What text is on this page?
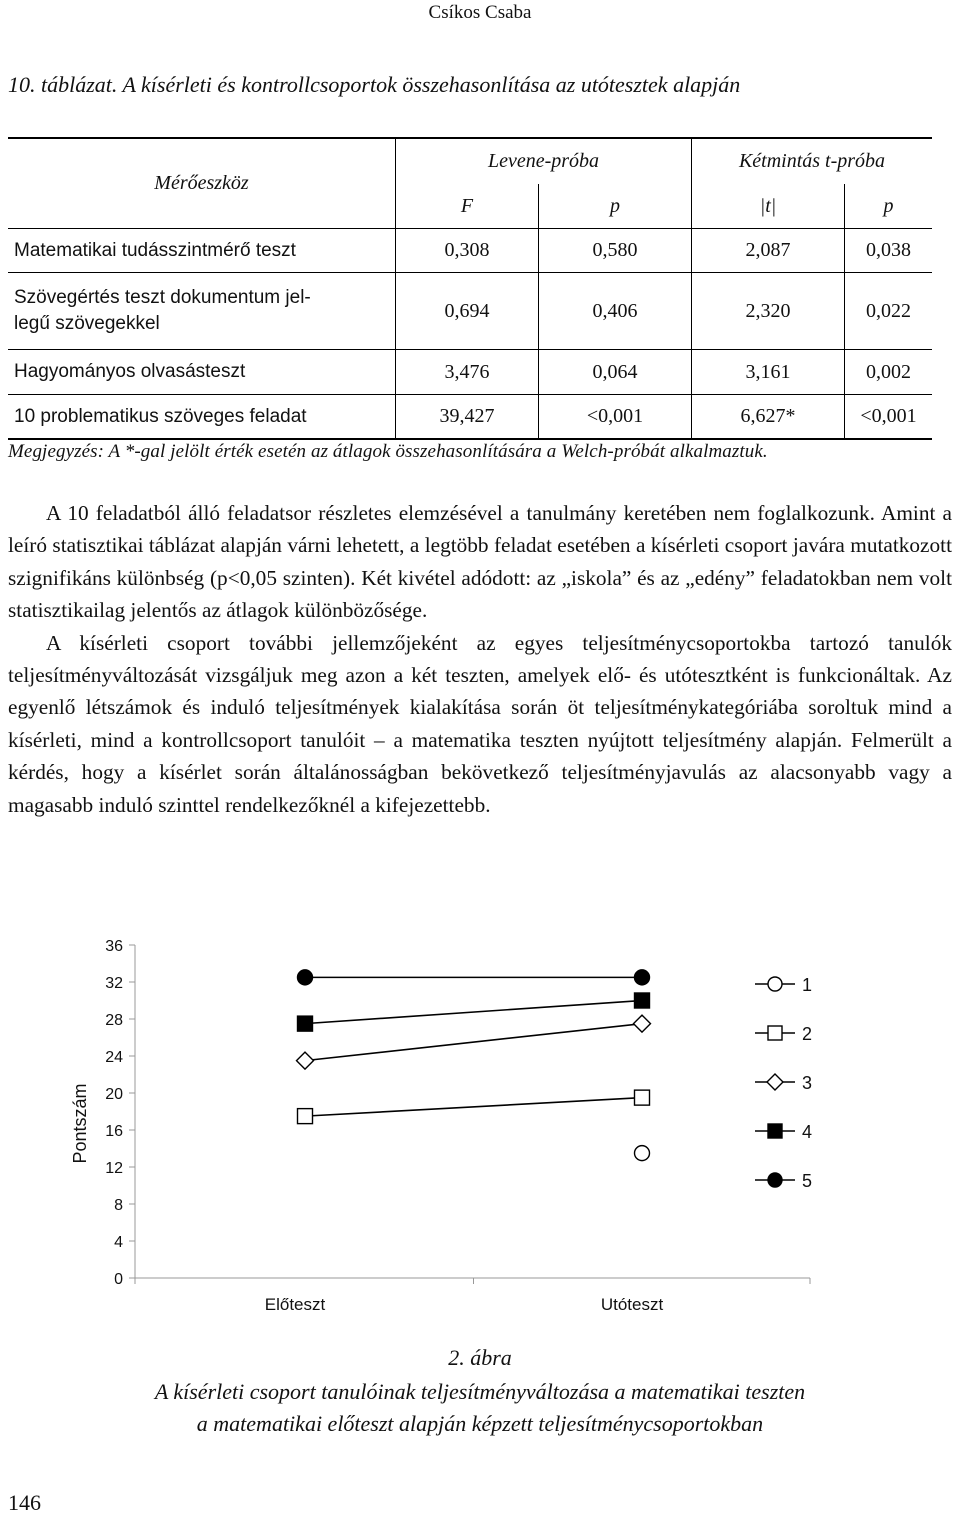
Csíkos Csaba
10. táblázat. A kísérleti és kontrollcsoportok összehasonlítása az utótesztek alapján
Mérőeszköz	Levene-próba		Kétmintás t-próba	
	F	p	|t|	p
Matematikai tudásszintmérő teszt	0,308	0,580	2,087	0,038

Szövegértés teszt dokumentum jel-
legű szövegekkel	0,694	0,406	2,320	0,022
Hagyományos olvasásteszt	3,476	0,064	3,161	0,002
10 problematikus szöveges feladat	39,427	<0,001	6,627*	<0,001
Megjegyzés: A *-gal jelölt érték esetén az átlagok összehasonlítására a Welch-próbát alkalmaztuk.

A 10 feladatból álló feladatsor részletes elemzésével a tanulmány keretében nem foglalkozunk. Amint a leíró statisztikai táblázat alapján várni lehetett, a legtöbb feladat esetében a kísérleti csoport javára mutatkozott szignifikáns különbség (p<0,05 szinten). Két kivétel adódott: az „iskola” és az „edény” feladatokban nem volt statisztikailag jelentős az átlagok különbözősége.

A kísérleti csoport további jellemzőjeként az egyes teljesítménycsoportokba tartozó tanulók teljesítményváltozását vizsgáljuk meg azon a két teszten, amelyek elő- és utótesztként is funkcionáltak. Az egyenlő létszámok és induló teljesítmények kialakítása során öt teljesítménykategóriába soroltuk mind a kísérleti, mind a kontrollcsoport tanulóit – a matematika teszten nyújtott teljesítmény alapján. Felmerült a kérdés, hogy a kísérlet során általánosságban bekövetkező teljesítményjavulás az alacsonyabb vagy a magasabb induló szinttel rendelkezőknél a kifejezettebb.

0
4
8
12
16
20
24
28
32
36
Előteszt	Utóteszt
Pontszám
1
2
3
4
5
2. ábra
A kísérleti csoport tanulóinak teljesítményváltozása a matematikai teszten
a matematikai előteszt alapján képzett teljesítménycsoportokban
146
